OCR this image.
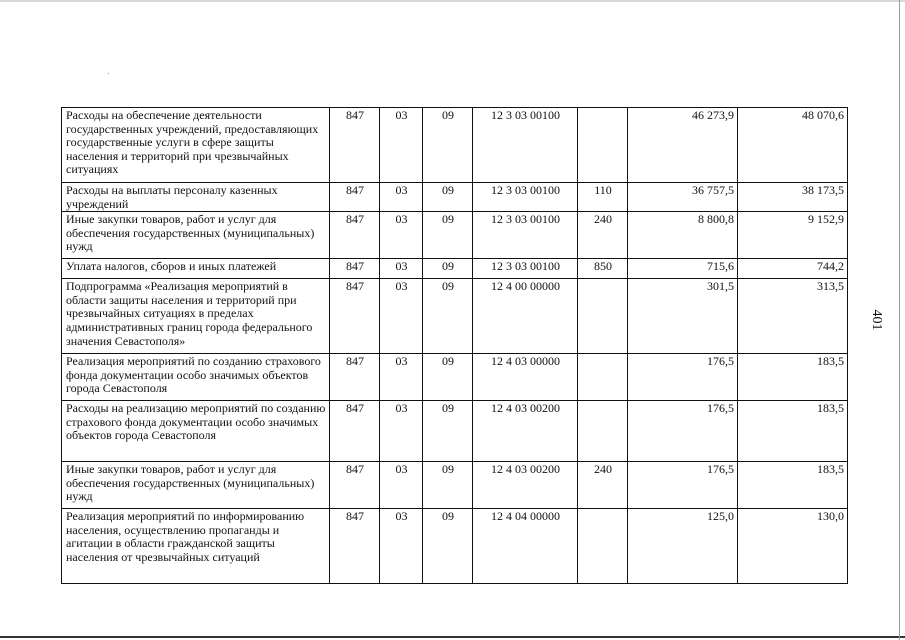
Расходы на обеспечение деятельности государственных учреждений, предоставляющих государственные услуги в сфере защиты населения и территорий при чрезвычайных ситуациях	847	03	09	12 3 03 00100		46 273,9	48 070,6
Расходы на выплаты персоналу казенных учреждений	847	03	09	12 3 03 00100	110	36 757,5	38 173,5
Иные закупки товаров, работ и услуг для обеспечения государственных (муниципальных) нужд	847	03	09	12 3 03 00100	240	8 800,8	9 152,9
Уплата налогов, сборов и иных платежей	847	03	09	12 3 03 00100	850	715,6	744,2
Подпрограмма «Реализация мероприятий в области защиты населения и территорий при чрезвычайных ситуациях в пределах административных границ города федерального значения Севастополя»	847	03	09	12 4 00 00000		301,5	313,5
Реализация мероприятий по созданию страхового фонда документации особо значимых объектов города Севастополя	847	03	09	12 4 03 00000		176,5	183,5
Расходы на реализацию мероприятий по созданию страхового фонда документации особо значимых объектов города Севастополя	847	03	09	12 4 03 00200		176,5	183,5
Иные закупки товаров, работ и услуг для обеспечения государственных (муниципальных) нужд	847	03	09	12 4 03 00200	240	176,5	183,5
Реализация мероприятий по информированию населения, осуществлению пропаганды и агитации в области гражданской защиты населения от чрезвычайных ситуаций	847	03	09	12 4 04 00000		125,0	130,0
401
